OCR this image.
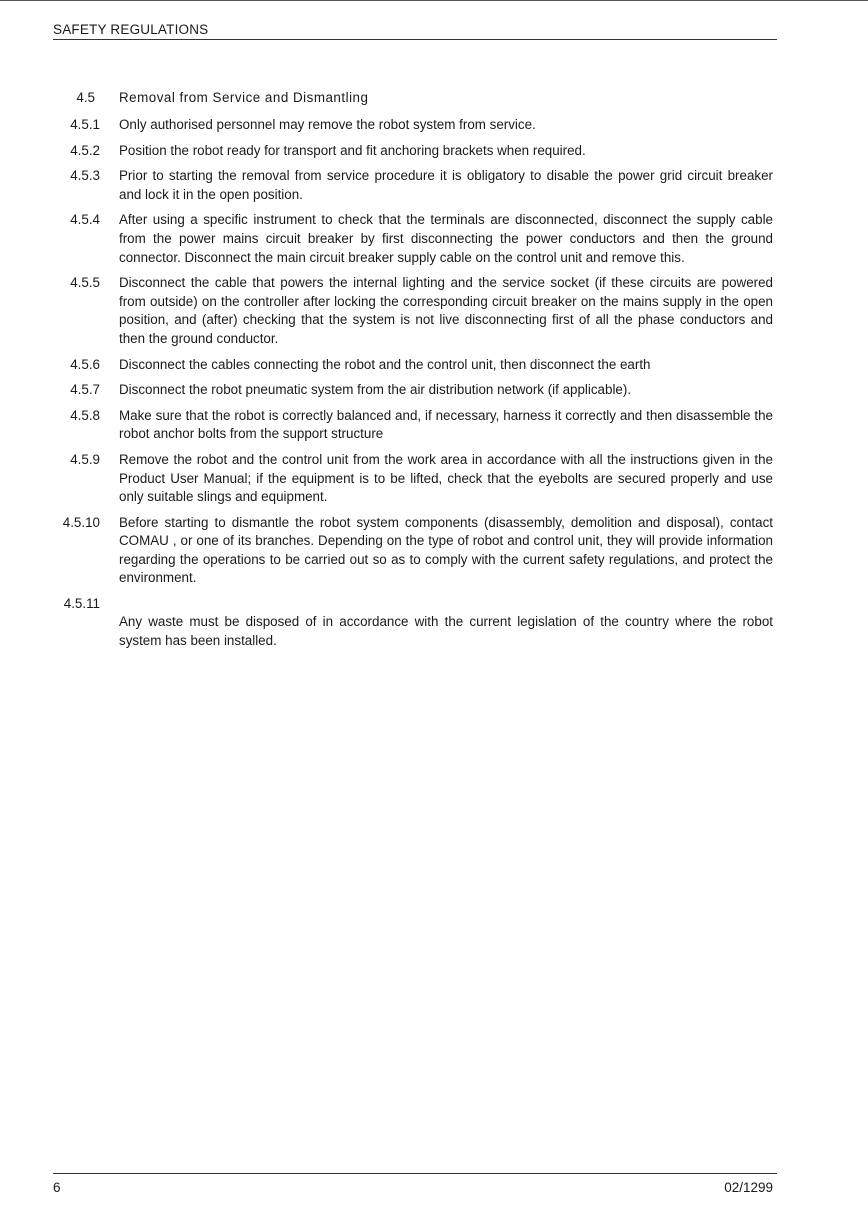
SAFETY REGULATIONS
4.5 Removal from Service and Dismantling
4.5.1 Only authorised personnel may remove the robot system from service.
4.5.2 Position the robot ready for transport and fit anchoring brackets when required.
4.5.3 Prior to starting the removal from service procedure it is obligatory to disable the power grid circuit breaker and lock it in the open position.
4.5.4 After using a specific instrument to check that the terminals are disconnected, disconnect the supply cable from the power mains circuit breaker by first disconnecting the power conductors and then the ground connector. Disconnect the main circuit breaker supply cable on the control unit and remove this.
4.5.5 Disconnect the cable that powers the internal lighting and the service socket (if these circuits are powered from outside) on the controller after locking the corresponding circuit breaker on the mains supply in the open position, and (after) checking that the system is not live disconnecting first of all the phase conductors and then the ground conductor.
4.5.6 Disconnect the cables connecting the robot and the control unit, then disconnect the earth
4.5.7 Disconnect the robot pneumatic system from the air distribution network (if applicable).
4.5.8 Make sure that the robot is correctly balanced and, if necessary, harness it correctly and then disassemble the robot anchor bolts from the support structure
4.5.9 Remove the robot and the control unit from the work area in accordance with all the instructions given in the Product User Manual; if the equipment is to be lifted, check that the eyebolts are secured properly and use only suitable slings and equipment.
4.5.10 Before starting to dismantle the robot system components (disassembly, demolition and disposal), contact COMAU , or one of its branches. Depending on the type of robot and control unit, they will provide information regarding the operations to be carried out so as to comply with the current safety regulations, and protect the environment.
4.5.11
Any waste must be disposed of in accordance with the current legislation of the country where the robot system has been installed.
6	02/1299
